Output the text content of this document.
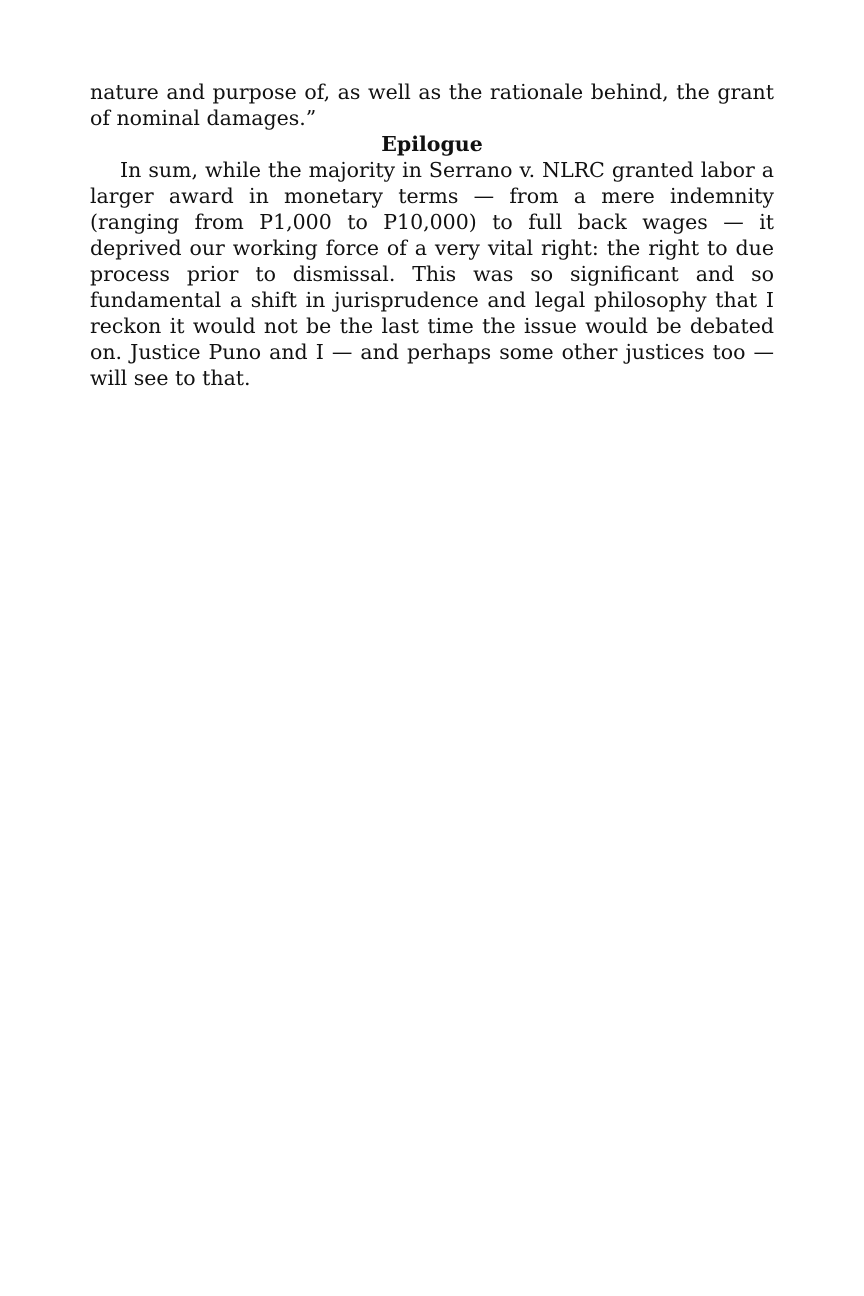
nature and purpose of, as well as the rationale behind, the grant of nominal damages.”

Epilogue

In sum, while the majority in Serrano v. NLRC granted labor a larger award in monetary terms — from a mere indemnity (ranging from P1,000 to P10,000) to full back wages — it deprived our working force of a very vital right: the right to due process prior to dismissal. This was so significant and so fundamental a shift in jurisprudence and legal philosophy that I reckon it would not be the last time the issue would be debated on. Justice Puno and I — and perhaps some other justices too — will see to that.
